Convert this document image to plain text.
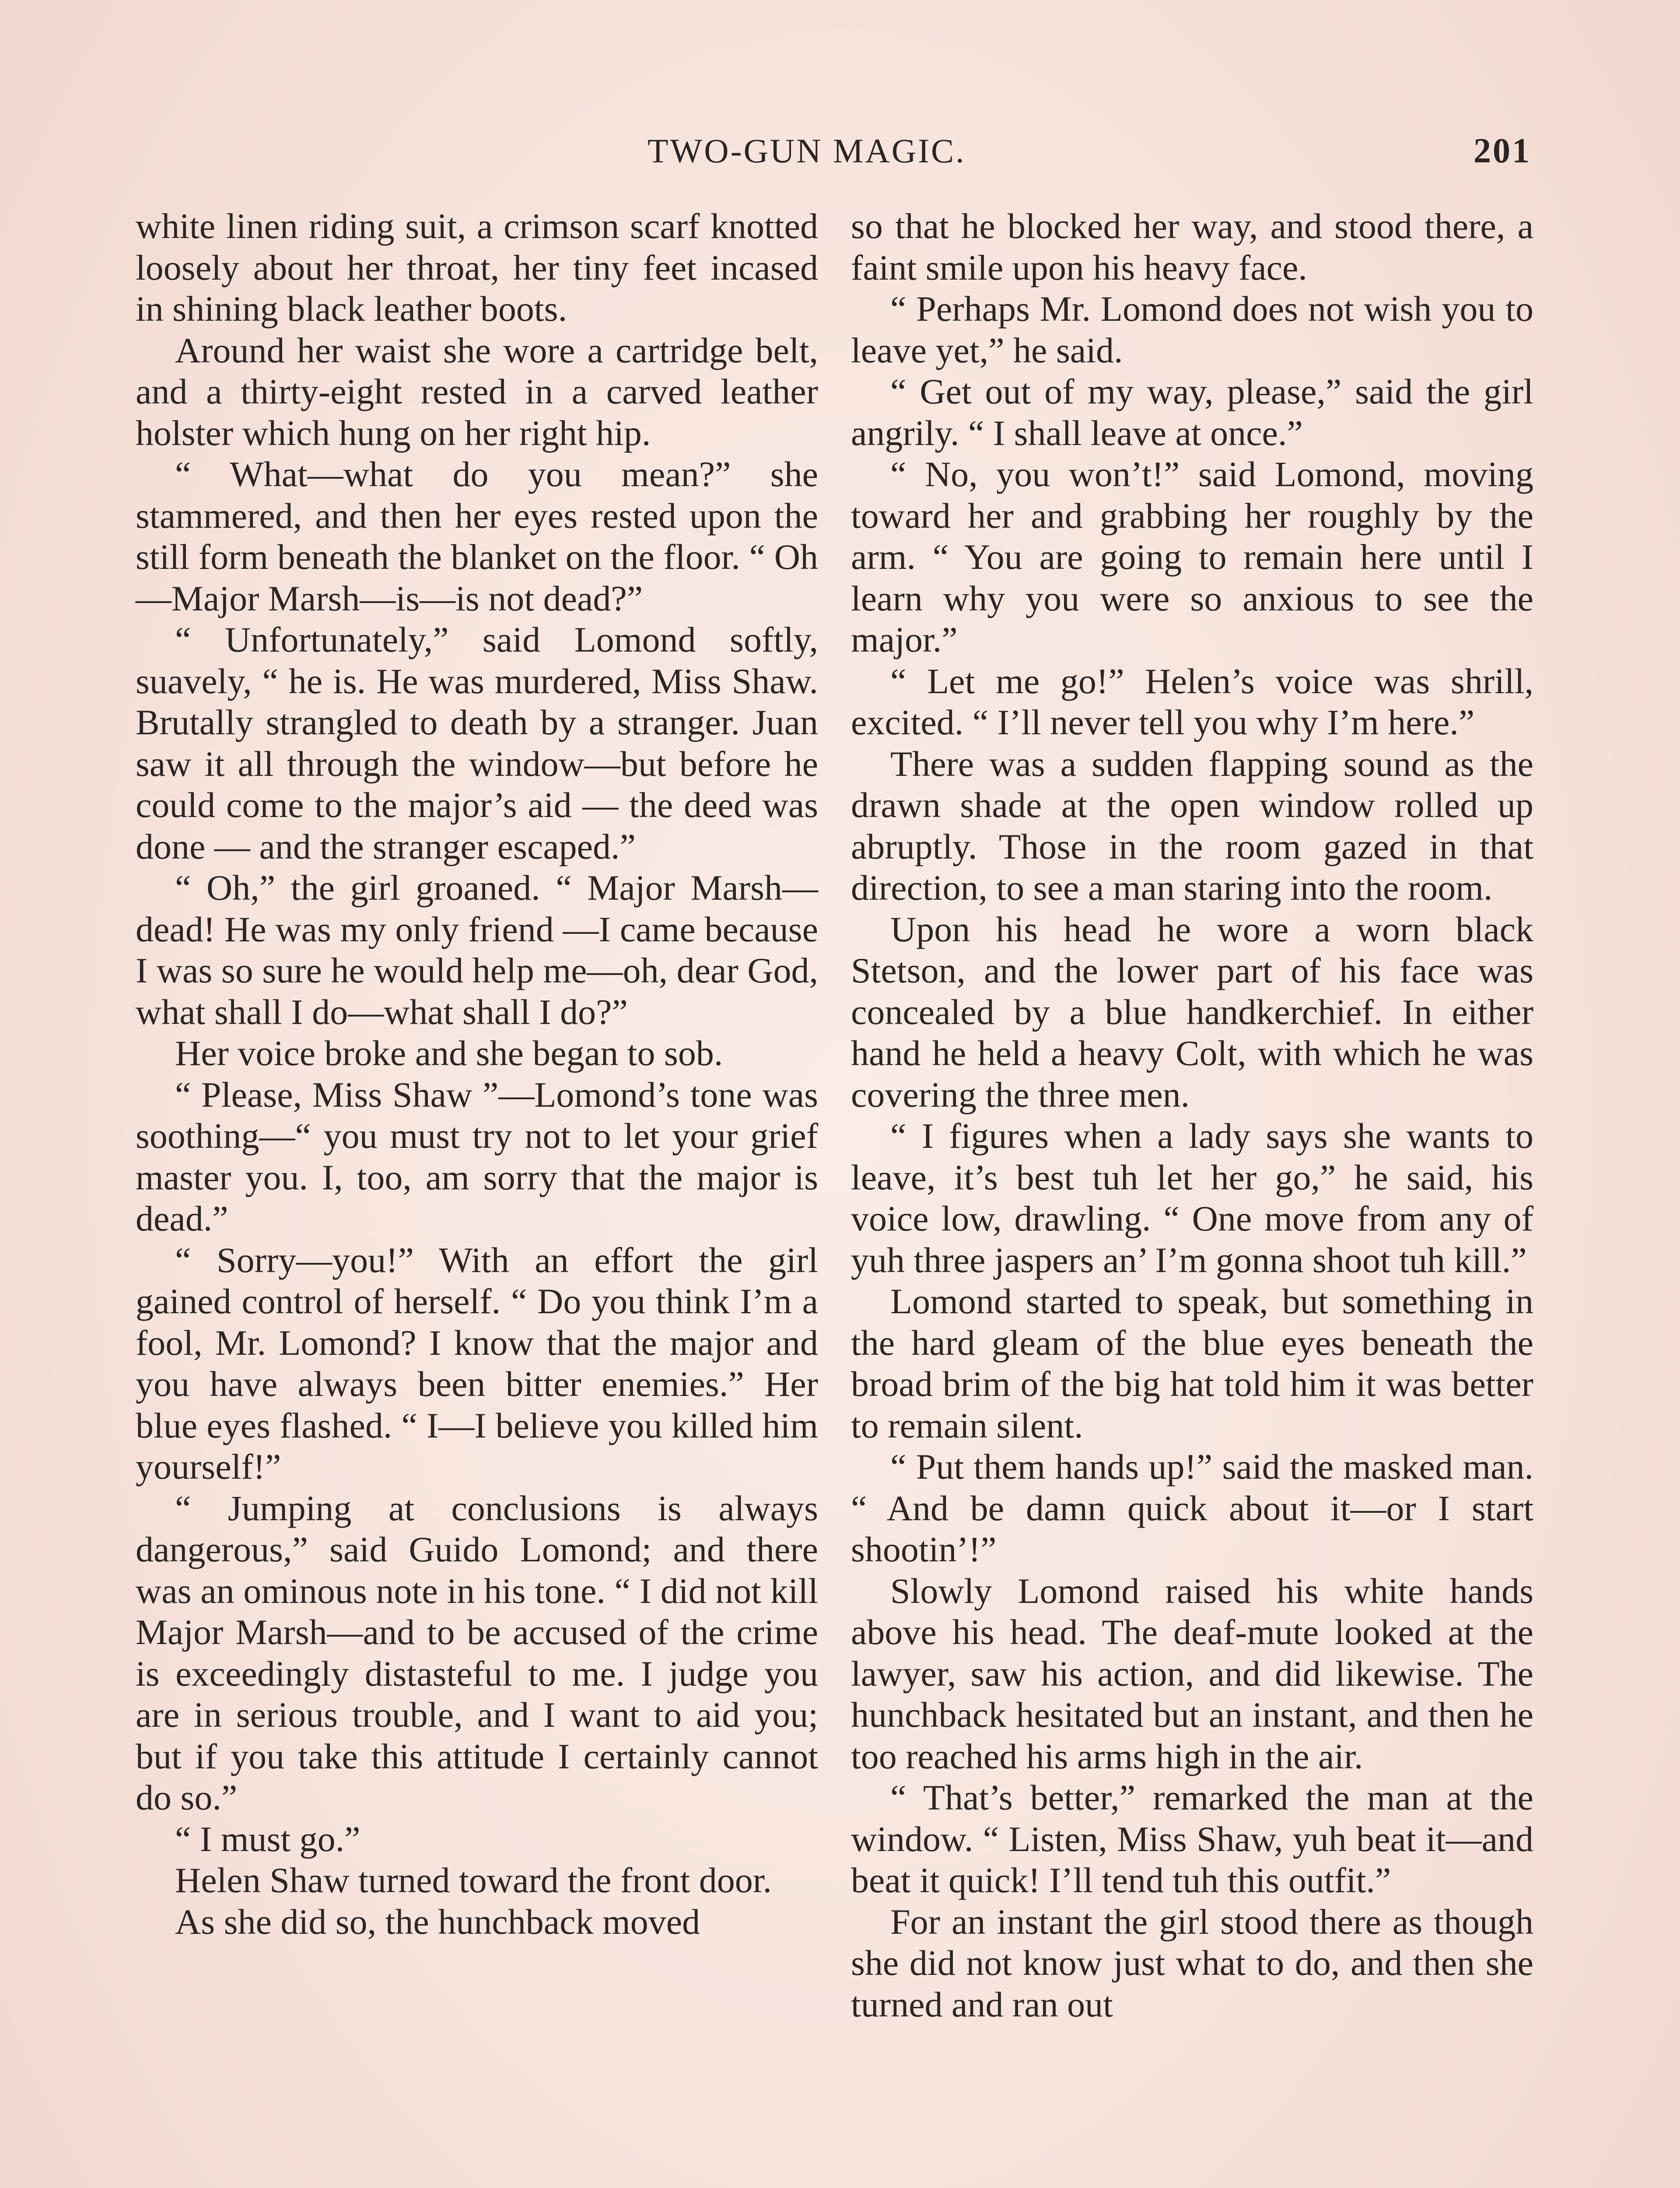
TWO-GUN MAGIC.	201

white linen riding suit, a crimson scarf knotted loosely about her throat, her tiny feet incased in shining black leather boots.

Around her waist she wore a cartridge belt, and a thirty-eight rested in a carved leather holster which hung on her right hip.

“ What—what do you mean?” she stammered, and then her eyes rested upon the still form beneath the blanket on the floor. “ Oh—Major Marsh—is—is not dead?”

“ Unfortunately,” said Lomond softly, suavely, “ he is. He was murdered, Miss Shaw. Brutally strangled to death by a stranger. Juan saw it all through the window—but before he could come to the major’s aid — the deed was done — and the stranger escaped.”

“ Oh,” the girl groaned. “ Major Marsh—dead! He was my only friend —I came because I was so sure he would help me—oh, dear God, what shall I do—what shall I do?”

Her voice broke and she began to sob.

“ Please, Miss Shaw ”—Lomond’s tone was soothing—“ you must try not to let your grief master you. I, too, am sorry that the major is dead.”

“ Sorry—you!” With an effort the girl gained control of herself. “ Do you think I’m a fool, Mr. Lomond? I know that the major and you have always been bitter enemies.” Her blue eyes flashed. “ I—I believe you killed him yourself!”

“ Jumping at conclusions is always dangerous,” said Guido Lomond; and there was an ominous note in his tone. “ I did not kill Major Marsh—and to be accused of the crime is exceedingly distasteful to me. I judge you are in serious trouble, and I want to aid you; but if you take this attitude I certainly cannot do so.”

“ I must go.”

Helen Shaw turned toward the front door.

As she did so, the hunchback moved

so that he blocked her way, and stood there, a faint smile upon his heavy face.

“ Perhaps Mr. Lomond does not wish you to leave yet,” he said.

“ Get out of my way, please,” said the girl angrily. “ I shall leave at once.”

“ No, you won’t!” said Lomond, moving toward her and grabbing her roughly by the arm. “ You are going to remain here until I learn why you were so anxious to see the major.”

“ Let me go!” Helen’s voice was shrill, excited. “ I’ll never tell you why I’m here.”

There was a sudden flapping sound as the drawn shade at the open window rolled up abruptly. Those in the room gazed in that direction, to see a man staring into the room.

Upon his head he wore a worn black Stetson, and the lower part of his face was concealed by a blue handkerchief. In either hand he held a heavy Colt, with which he was covering the three men.

“ I figures when a lady says she wants to leave, it’s best tuh let her go,” he said, his voice low, drawling. “ One move from any of yuh three jaspers an’ I’m gonna shoot tuh kill.”

Lomond started to speak, but something in the hard gleam of the blue eyes beneath the broad brim of the big hat told him it was better to remain silent.

“ Put them hands up!” said the masked man. “ And be damn quick about it—or I start shootin’!”

Slowly Lomond raised his white hands above his head. The deaf-mute looked at the lawyer, saw his action, and did likewise. The hunchback hesitated but an instant, and then he too reached his arms high in the air.

“ That’s better,” remarked the man at the window. “ Listen, Miss Shaw, yuh beat it—and beat it quick! I’ll tend tuh this outfit.”

For an instant the girl stood there as though she did not know just what to do, and then she turned and ran out
